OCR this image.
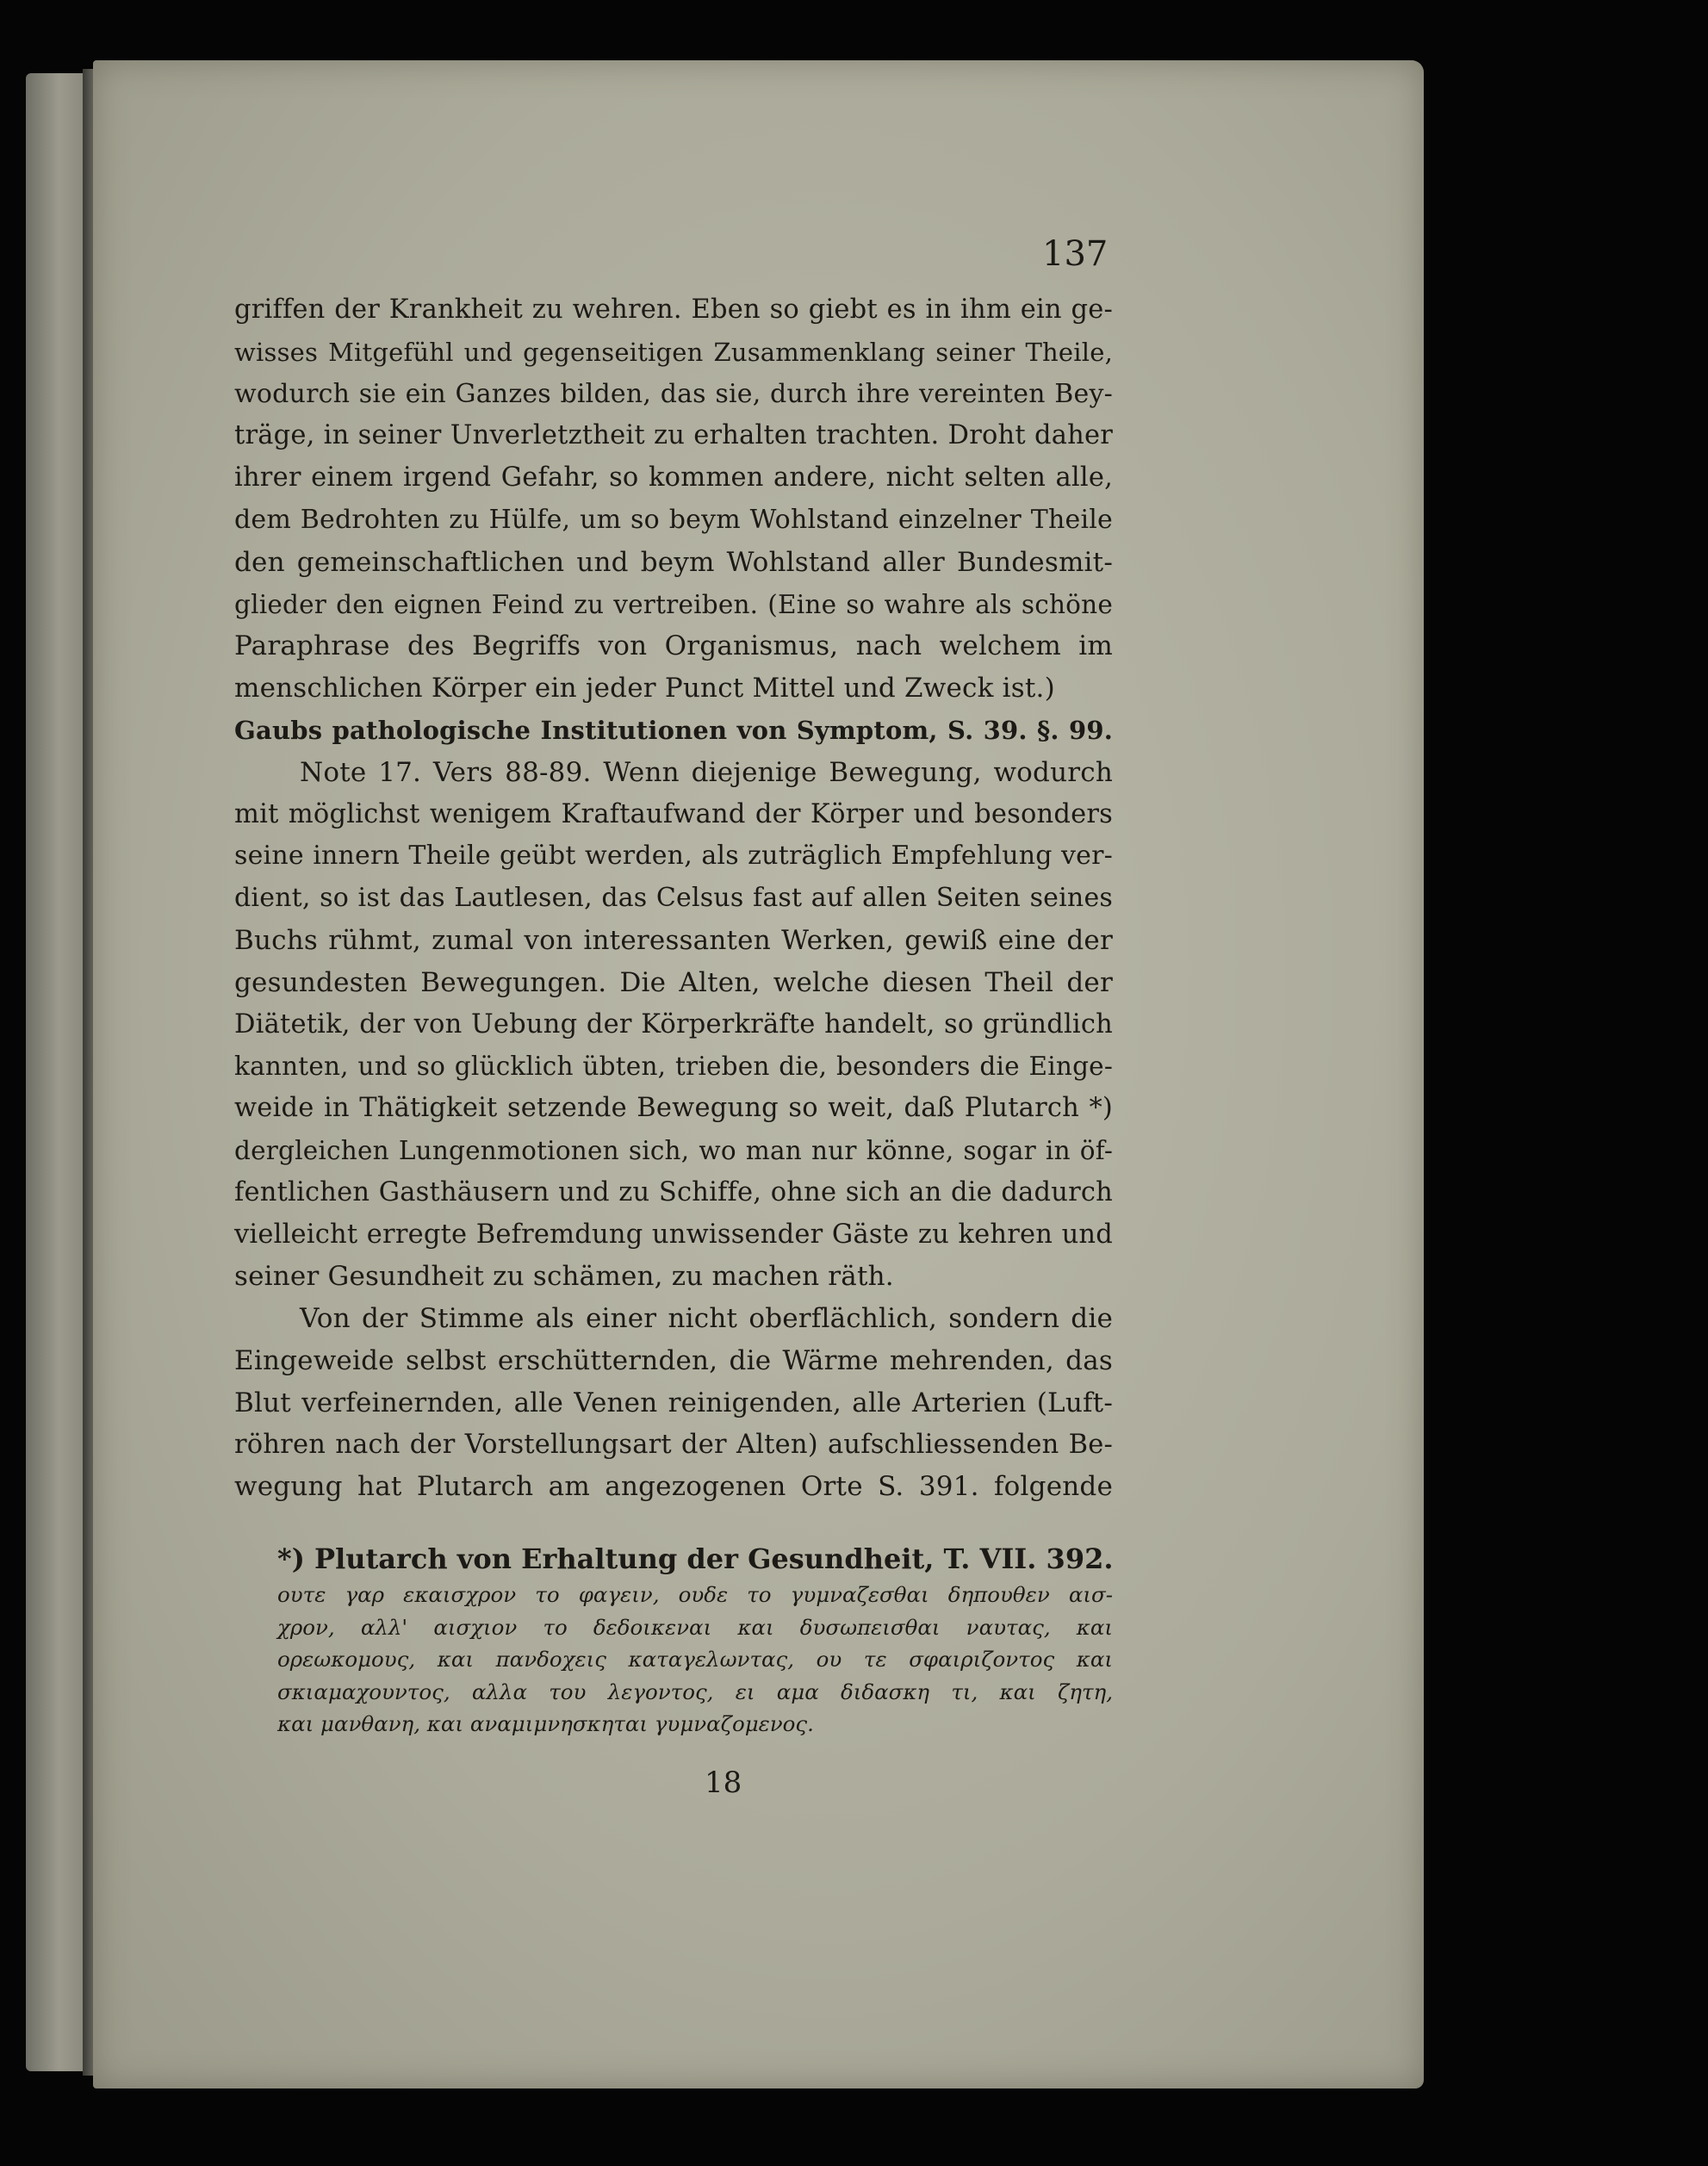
137
griffen der Krankheit zu wehren. Eben so giebt es in ihm ein ge-
wisses Mitgefühl und gegenseitigen Zusammenklang seiner Theile,
wodurch sie ein Ganzes bilden, das sie, durch ihre vereinten Bey-
träge, in seiner Unverletztheit zu erhalten trachten. Droht daher
ihrer einem irgend Gefahr, so kommen andere, nicht selten alle,
dem Bedrohten zu Hülfe, um so beym Wohlstand einzelner Theile
den gemeinschaftlichen und beym Wohlstand aller Bundesmit-
glieder den eignen Feind zu vertreiben. (Eine so wahre als schöne
Paraphrase des Begriffs von Organismus, nach welchem im
menschlichen Körper ein jeder Punct Mittel und Zweck ist.)
Gaubs pathologische Institutionen von Symptom, S. 39. §. 99.
Note 17. Vers 88-89. Wenn diejenige Bewegung, wodurch
mit möglichst wenigem Kraftaufwand der Körper und besonders
seine innern Theile geübt werden, als zuträglich Empfehlung ver-
dient, so ist das Lautlesen, das Celsus fast auf allen Seiten seines
Buchs rühmt, zumal von interessanten Werken, gewiß eine der
gesundesten Bewegungen. Die Alten, welche diesen Theil der
Diätetik, der von Uebung der Körperkräfte handelt, so gründlich
kannten, und so glücklich übten, trieben die, besonders die Einge-
weide in Thätigkeit setzende Bewegung so weit, daß Plutarch *)
dergleichen Lungenmotionen sich, wo man nur könne, sogar in öf-
fentlichen Gasthäusern und zu Schiffe, ohne sich an die dadurch
vielleicht erregte Befremdung unwissender Gäste zu kehren und
seiner Gesundheit zu schämen, zu machen räth.
Von der Stimme als einer nicht oberflächlich, sondern die
Eingeweide selbst erschütternden, die Wärme mehrenden, das
Blut verfeinernden, alle Venen reinigenden, alle Arterien (Luft-
röhren nach der Vorstellungsart der Alten) aufschliessenden Be-
wegung hat Plutarch am angezogenen Orte S. 391. folgende
*) Plutarch von Erhaltung der Gesundheit, T. VII. 392.
ουτε γαρ εκαισχρον το φαγειν, ουδε το γυμναζεσθαι δηπουθεν αισ-
χρον, αλλ' αισχιον το δεδοικεναι και δυσωπεισθαι ναυτας, και
ορεωκομους, και πανδοχεις καταγελωντας, ου τε σφαιριζοντος και
σκιαμαχουντος, αλλα του λεγοντος, ει αμα διδασκη τι, και ζητη,
και μανθανη, και αναμιμνησκηται γυμναζομενος.
18
